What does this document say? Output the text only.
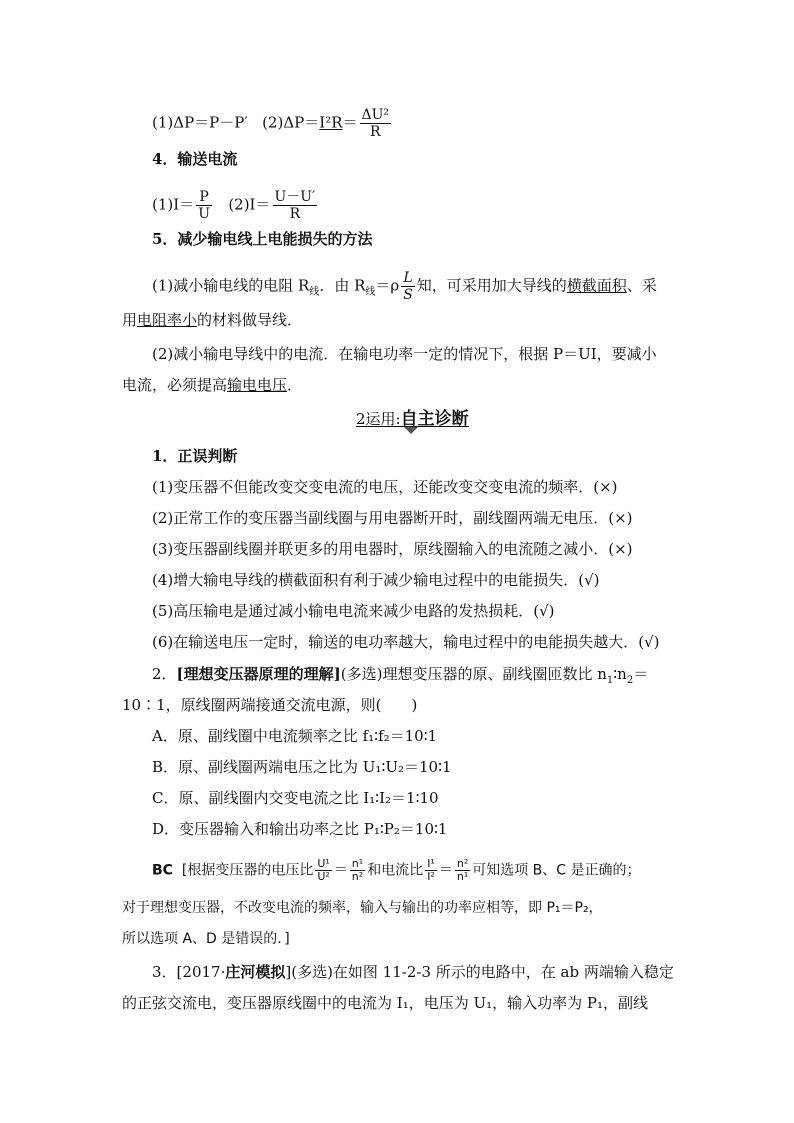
(1)ΔP＝P－P′ $(2)\Delta P=I^2R= \frac{\text{ΔU²}}{R}$
4．输送电流
$(1)I= \frac{P}{U} (2)I= \frac{U-U'}{R}$
5．减少输电线上电能损失的方法
(1)减小输电线的电阻 $R_线$．由 $R_线=\rho \frac{L}{S}$ 知，可采用加大导线的横截面积、采
用电阻率小的材料做导线．
(2)减小输电导线中的电流．在输电功率一定的情况下，根据 P＝UI，要减小
电流，必须提高输电电压．
2运用:自主诊断
1．正误判断
(1)变压器不但能改变交变电流的电压，还能改变交变电流的频率．(×)
(2)正常工作的变压器当副线圈与用电器断开时，副线圈两端无电压．(×)
(3)变压器副线圈并联更多的用电器时，原线圈输入的电流随之减小．(×)
(4)增大输电导线的横截面积有利于减少输电过程中的电能损失．(√)
(5)高压输电是通过减小输电电流来减少电路的发热损耗．(√)
(6)在输送电压一定时，输送的电功率越大，输电过程中的电能损失越大．(√)
2．[理想变压器原理的理解](多选)理想变压器的原、副线圈匝数比 $n_1∶n_2=$
10∶1，原线圈两端接通交流电源，则(　　)
A．原、副线圈中电流频率之比 f₁∶f₂＝10∶1
B．原、副线圈两端电压之比为 U₁∶U₂＝10∶1
C．原、副线圈内交变电流之比 I₁∶I₂＝1∶10
D．变压器输入和输出功率之比 P₁∶P₂＝10∶1
BC [根据变压器的电压比 $\frac{\text{U¹}}{\text{U²}} = \frac{\text{n¹}}{\text{n²}}$ 和电流比 $\frac{\text{I¹}}{\text{I²}} = \frac{\text{n²}}{\text{n¹}}$ 可知选项 B、C 是正确的；
对于理想变压器，不改变电流的频率，输入与输出的功率应相等，即 P₁＝P₂，
所以选项 A、D 是错误的．]
3．[2017·庄河模拟](多选)在如图 11-2-3 所示的电路中，在 ab 两端输入稳定
的正弦交流电，变压器原线圈中的电流为 I₁，电压为 U₁，输入功率为 P₁，副线
